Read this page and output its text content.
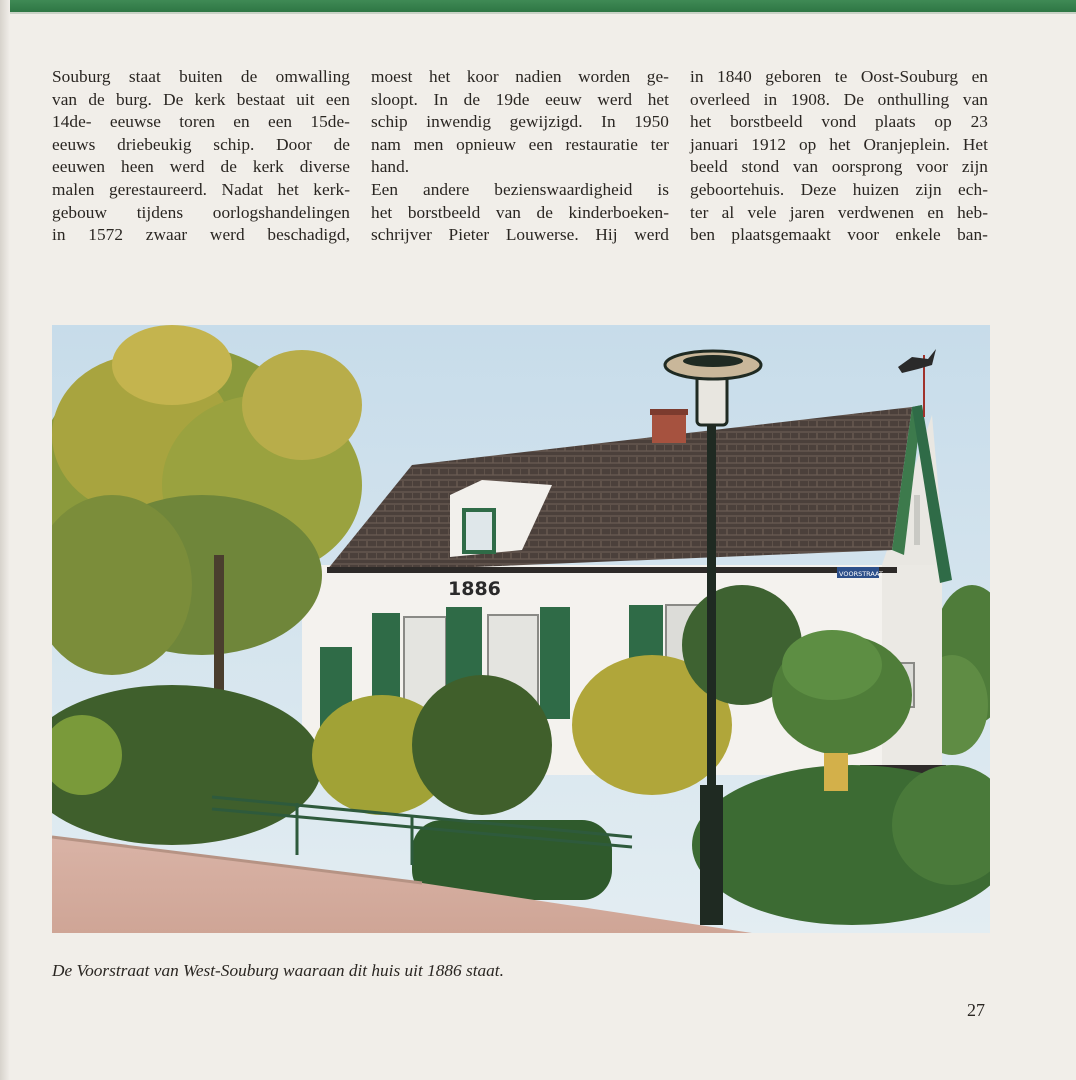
Souburg staat buiten de omwalling
van de burg. De kerk bestaat uit een
14de- eeuwse toren en een 15de-
eeuws driebeukig schip. Door de
eeuwen heen werd de kerk diverse
malen gerestaureerd. Nadat het kerk-
gebouw tijdens oorlogshandelingen
in 1572 zwaar werd beschadigd,
moest het koor nadien worden ge-
sloopt. In de 19de eeuw werd het
schip inwendig gewijzigd. In 1950
nam men opnieuw een restauratie ter
hand.
Een andere bezienswaardigheid is
het borstbeeld van de kinderboeken-
schrijver Pieter Louwerse. Hij werd
in 1840 geboren te Oost-Souburg en
overleed in 1908. De onthulling van
het borstbeeld vond plaats op 23
januari 1912 op het Oranjeplein. Het
beeld stond van oorsprong voor zijn
geboortehuis. Deze huizen zijn ech-
ter al vele jaren verdwenen en heb-
ben plaatsgemaakt voor enkele ban-
1886
VOORSTRAAT
De Voorstraat van West-Souburg waaraan dit huis uit 1886 staat.
27
